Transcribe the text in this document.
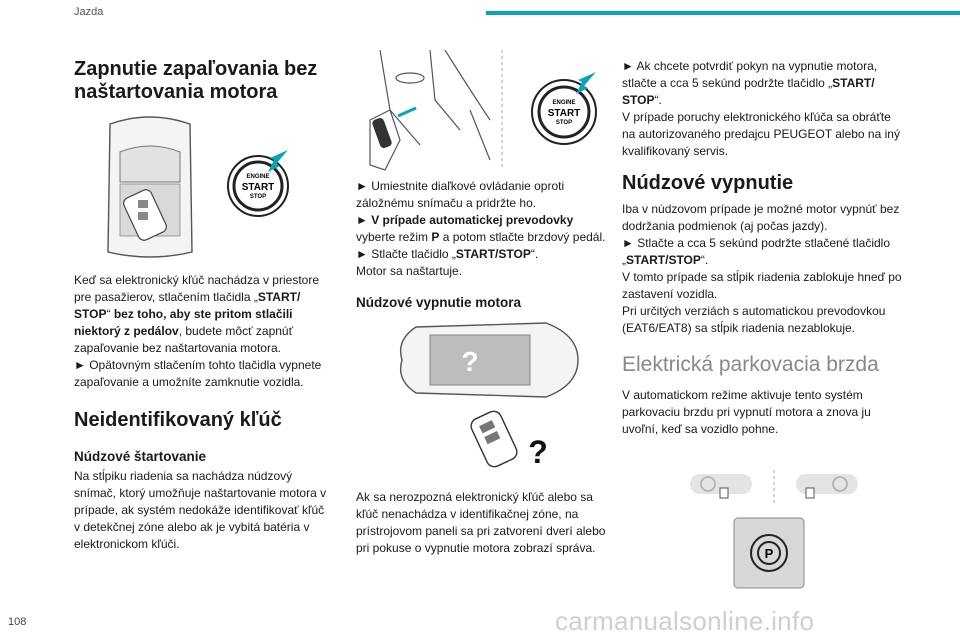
Jazda
Zapnutie zapaľovania bez naštartovania motora
ENGINE
START
STOP

Keď sa elektronický kľúč nachádza v priestore pre pasažierov, stlačením tlačidla „START/ STOP“ bez toho, aby ste pritom stlačili niektorý z pedálov, budete môcť zapnúť zapaľovanie bez naštartovania motora.

► Opätovným stlačením tohto tlačidla vypnete zapaľovanie a umožníte zamknutie vozidla.

Neidentifikovaný kľúč
Núdzové štartovanie

Na stĺpiku riadenia sa nachádza núdzový snímač, ktorý umožňuje naštartovanie motora v prípade, ak systém nedokáže identifikovať kľúč v detekčnej zóne alebo ak je vybitá batéria v elektronickom kľúči.

ENGINE
START
STOP

► Umiestnite diaľkové ovládanie oproti záložnému snímaču a pridržte ho.

► V prípade automatickej prevodovky
vyberte režim P a potom stlačte brzdový pedál.

► Stlačte tlačidlo „START/STOP“.

Motor sa naštartuje.

Núdzové vypnutie motora
?
?

Ak sa nerozpozná elektronický kľúč alebo sa kľúč nenachádza v identifikačnej zóne, na prístrojovom paneli sa pri zatvorení dverí alebo pri pokuse o vypnutie motora zobrazí správa.

► Ak chcete potvrdiť pokyn na vypnutie motora, stlačte a cca 5 sekúnd podržte tlačidlo „START/ STOP“.

V prípade poruchy elektronického kľúča sa obráťte na autorizovaného predajcu PEUGEOT alebo na iný kvalifikovaný servis.

Núdzové vypnutie

Iba v núdzovom prípade je možné motor vypnúť bez dodržania podmienok (aj počas jazdy).

► Stlačte a cca 5 sekúnd podržte stlačené tlačidlo „START/STOP“.

V tomto prípade sa stĺpik riadenia zablokuje hneď po zastavení vozidla.

Pri určitých verziách s automatickou prevodovkou (EAT6/EAT8) sa stĺpik riadenia nezablokuje.

Elektrická parkovacia brzda

V automatickom režime aktivuje tento systém parkovaciu brzdu pri vypnutí motora a znova ju uvoľní, keď sa vozidlo pohne.

P
108	carmanualsonline.info
